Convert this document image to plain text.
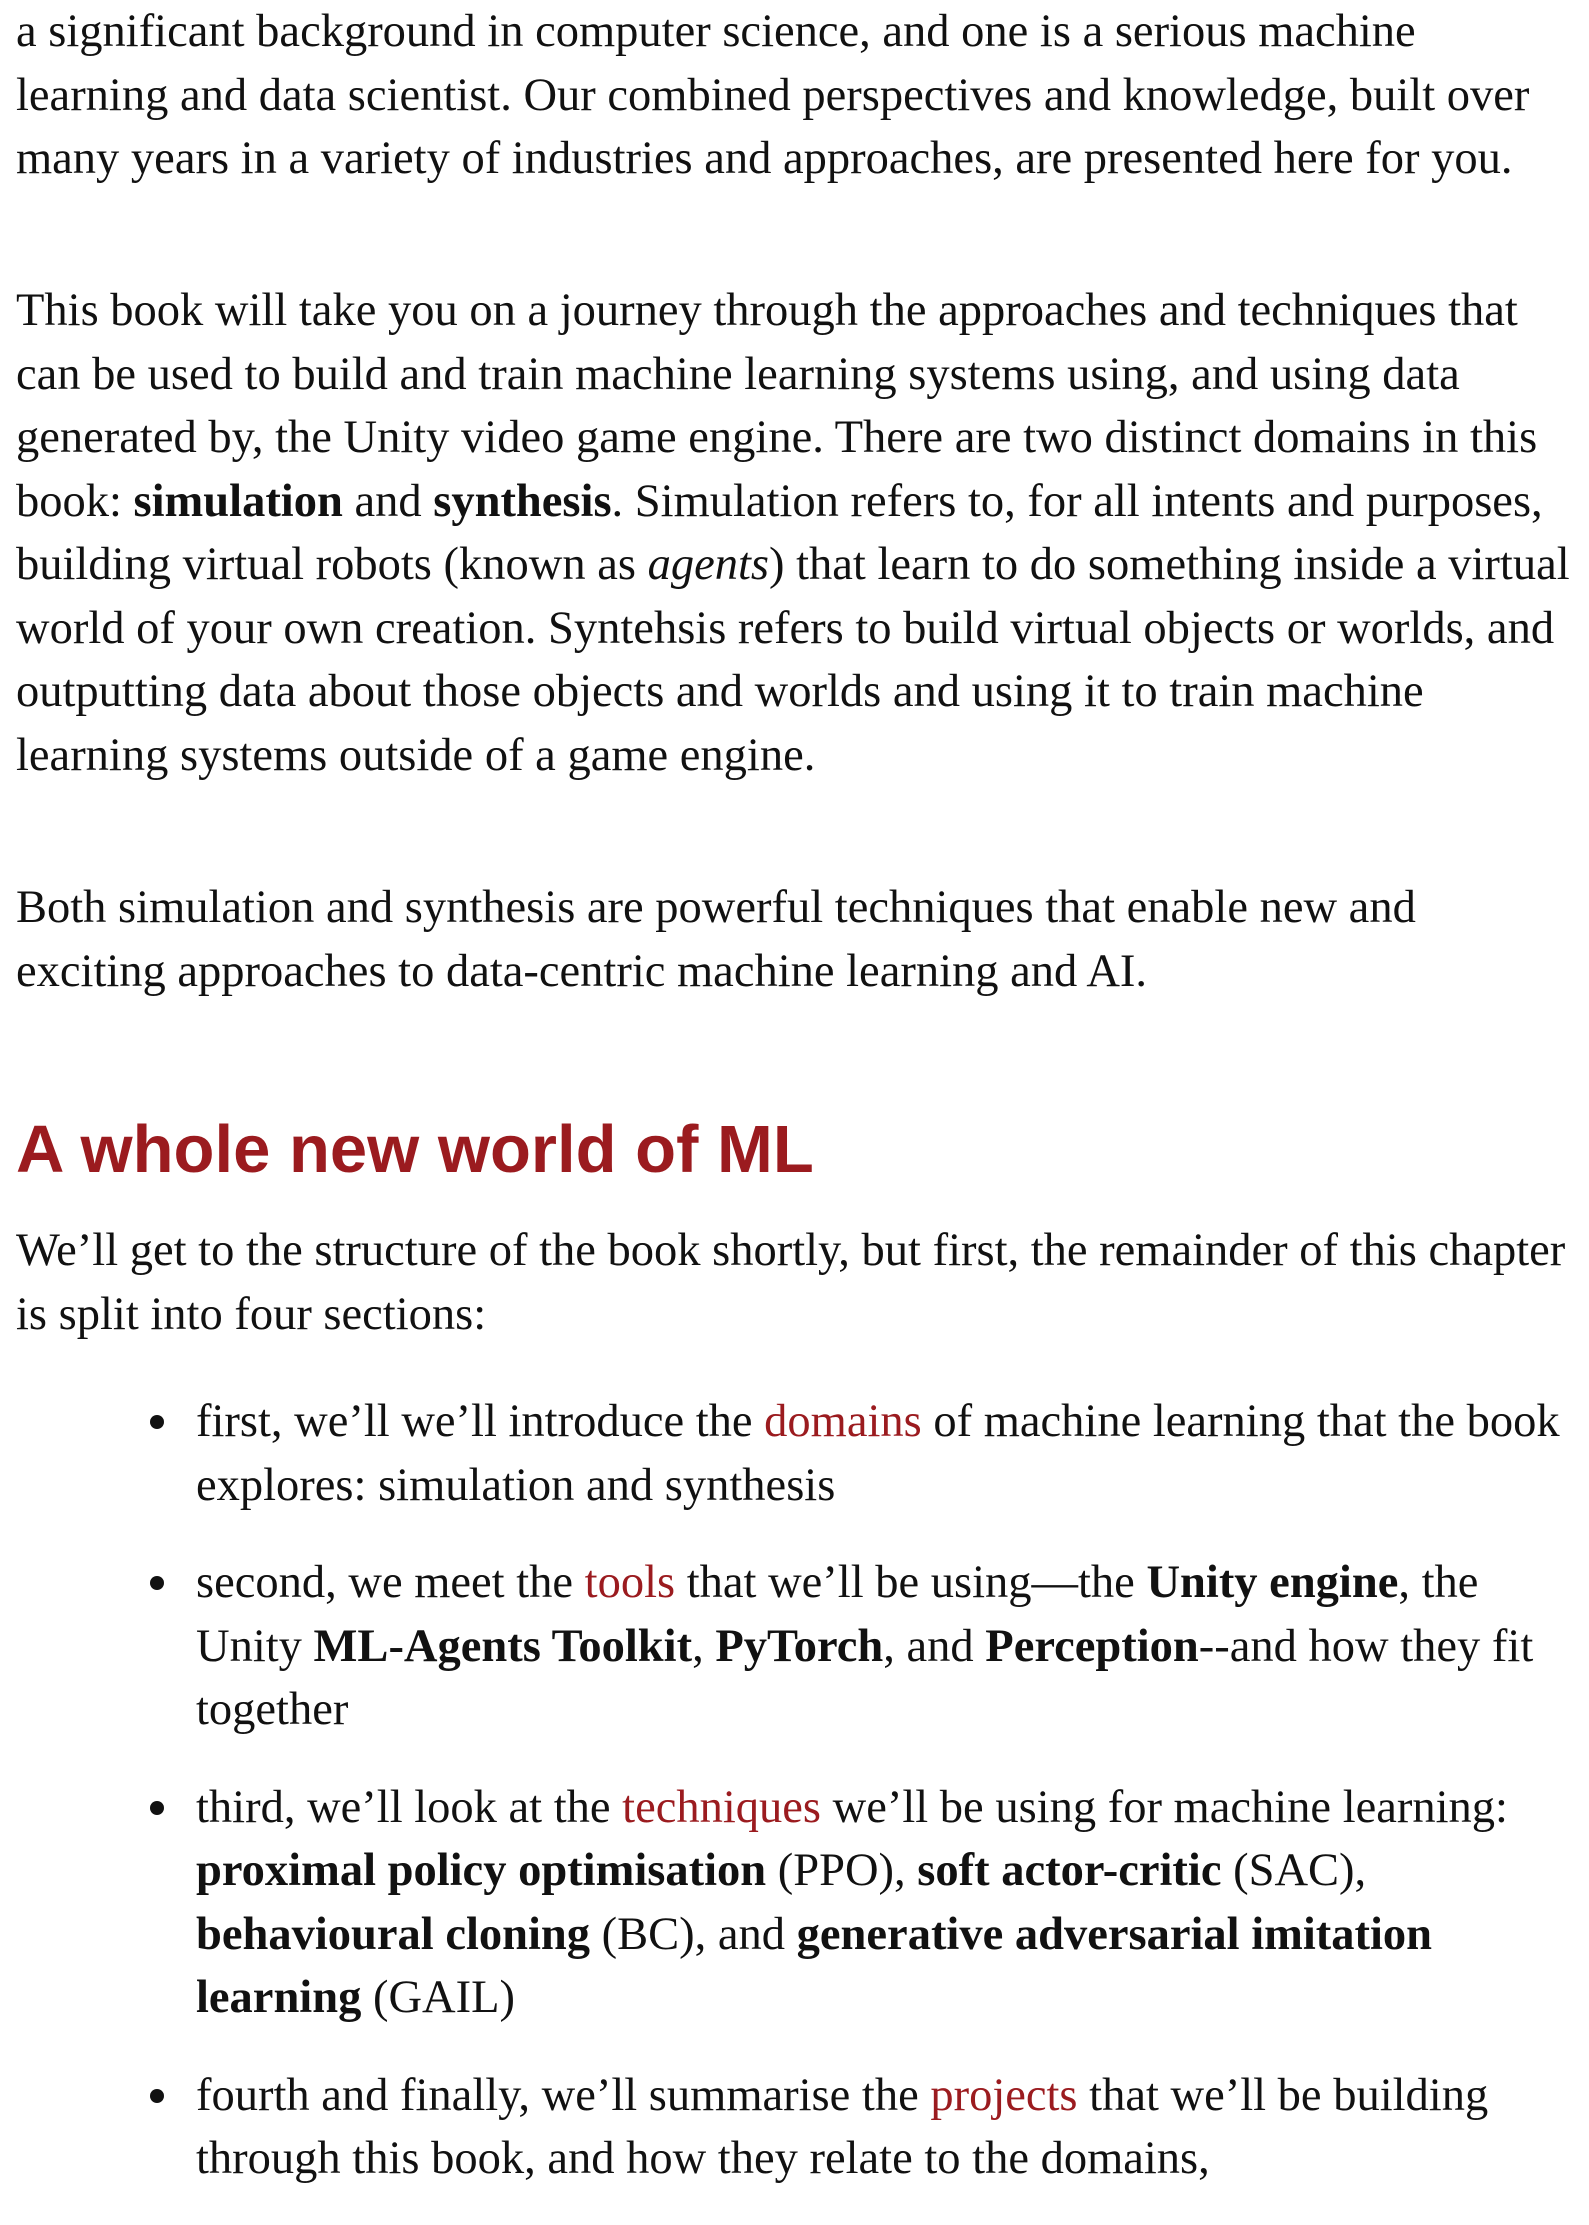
a significant background in computer science, and one is a serious machine learning and data scientist. Our combined perspectives and knowledge, built over many years in a variety of industries and approaches, are presented here for you.

This book will take you on a journey through the approaches and techniques that can be used to build and train machine learning systems using, and using data generated by, the Unity video game engine. There are two distinct domains in this book: simulation and synthesis. Simulation refers to, for all intents and purposes, building virtual robots (known as agents) that learn to do something inside a virtual world of your own creation. Syntehsis refers to build virtual objects or worlds, and outputting data about those objects and worlds and using it to train machine learning systems outside of a game engine.

Both simulation and synthesis are powerful techniques that enable new and exciting approaches to data-centric machine learning and AI.

A whole new world of ML

We’ll get to the structure of the book shortly, but first, the remainder of this chapter is split into four sections:

first, we’ll we’ll introduce the domains of machine learning that the book explores: simulation and synthesis
second, we meet the tools that we’ll be using—the Unity engine, the Unity ML-Agents Toolkit, PyTorch, and Perception--and how they fit together
third, we’ll look at the techniques we’ll be using for machine learning: proximal policy optimisation (PPO), soft actor-critic (SAC), behavioural cloning (BC), and generative adversarial imitation learning (GAIL)
fourth and finally, we’ll summarise the projects that we’ll be building through this book, and how they relate to the domains,
